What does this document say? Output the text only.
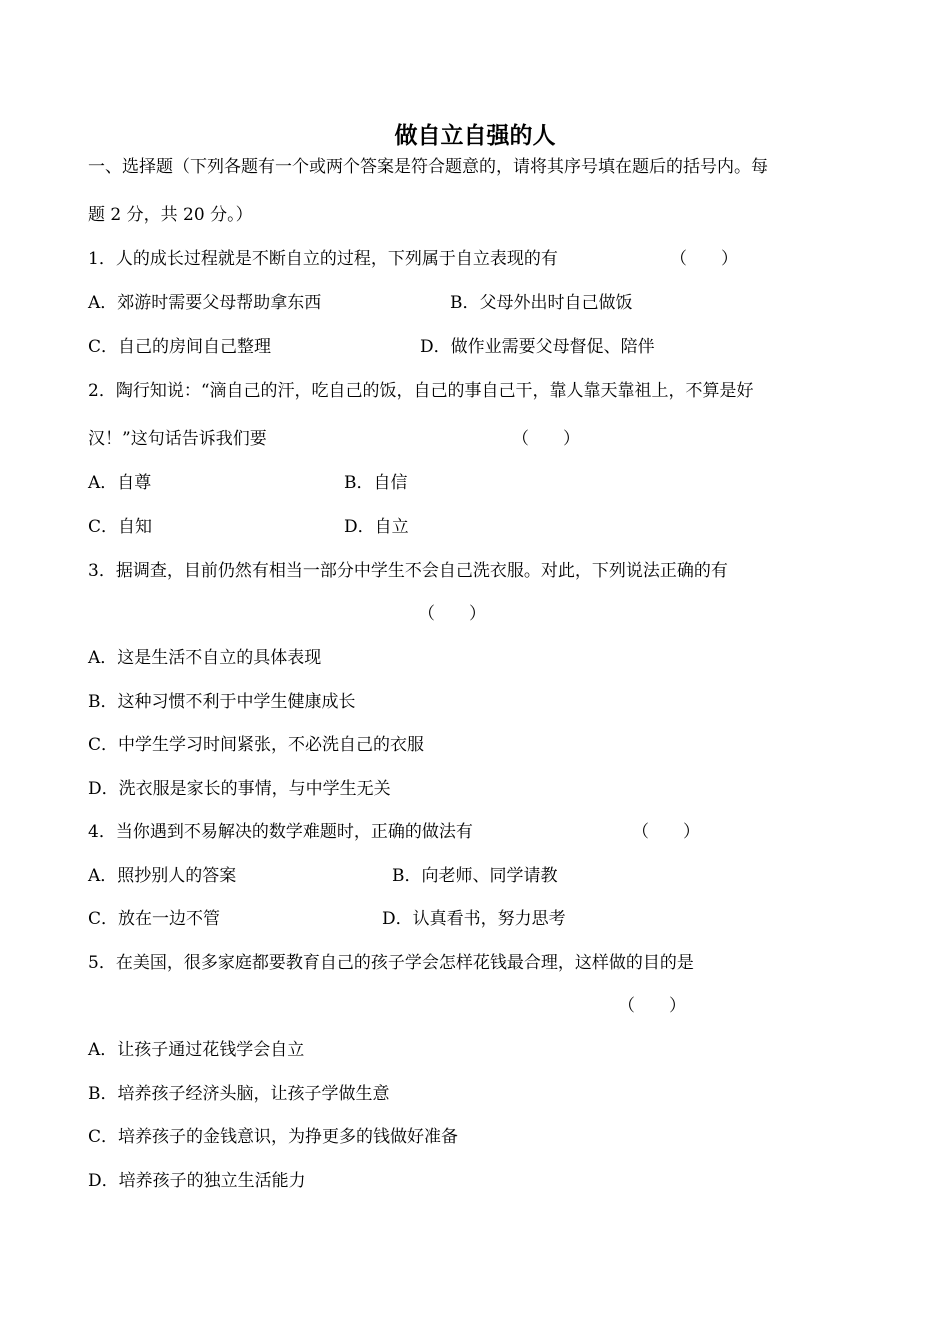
做自立自强的人
一、选择题（下列各题有一个或两个答案是符合题意的，请将其序号填在题后的括号内。每
题 2 分，共 20 分。）
1．人的成长过程就是不断自立的过程，下列属于自立表现的有	（　　）
A．郊游时需要父母帮助拿东西	B．父母外出时自己做饭
C．自己的房间自己整理	D．做作业需要父母督促、陪伴
2．陶行知说：“滴自己的汗，吃自己的饭，自己的事自己干，靠人靠天靠祖上，不算是好
汉！”这句话告诉我们要	（　　）
A．自尊	B．自信
C．自知	D．自立
3．据调查，目前仍然有相当一部分中学生不会自己洗衣服。对此，下列说法正确的有
（　　）
A．这是生活不自立的具体表现
B．这种习惯不利于中学生健康成长
C．中学生学习时间紧张，不必洗自己的衣服
D．洗衣服是家长的事情，与中学生无关
4．当你遇到不易解决的数学难题时，正确的做法有	（　　）
A．照抄别人的答案	B．向老师、同学请教
C．放在一边不管	D．认真看书，努力思考
5．在美国，很多家庭都要教育自己的孩子学会怎样花钱最合理，这样做的目的是
（　　）
A．让孩子通过花钱学会自立
B．培养孩子经济头脑，让孩子学做生意
C．培养孩子的金钱意识，为挣更多的钱做好准备
D．培养孩子的独立生活能力
